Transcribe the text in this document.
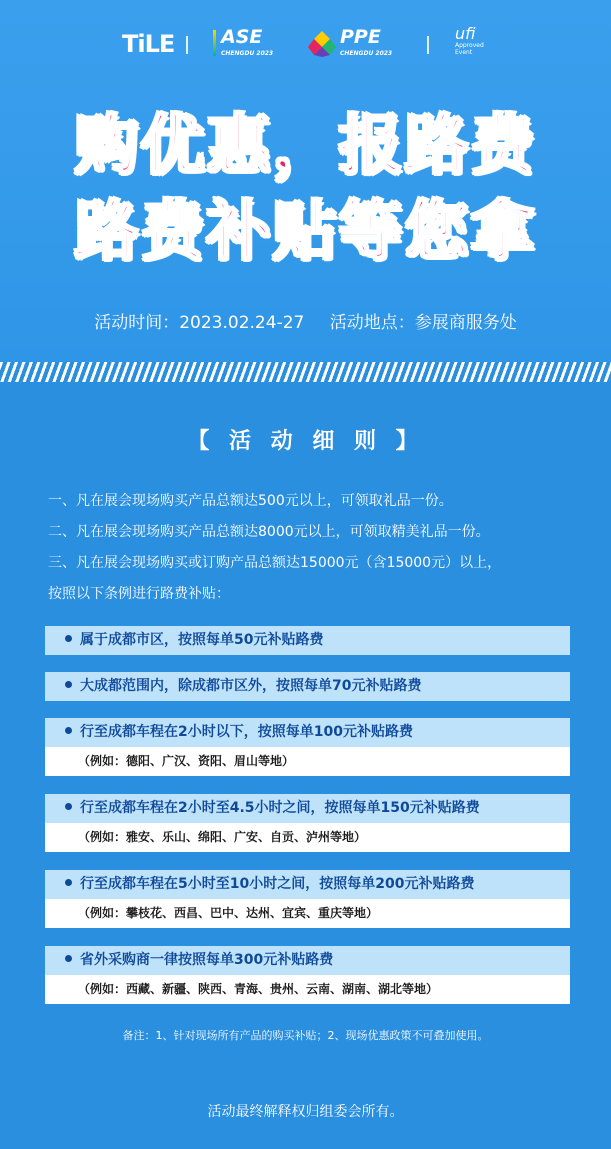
TiLE ASE
CHENGDU 2023
PPE
CHENGDU 2023
ufi
Approved
Event
购优惠，报路费
路费补贴等您拿
活动时间：2023.02.24-27 活动地点：参展商服务处
【 活 动 细 则 】
一、凡在展会现场购买产品总额达500元以上，可领取礼品一份。
二、凡在展会现场购买产品总额达8000元以上，可领取精美礼品一份。
三、凡在展会现场购买或订购产品总额达15000元（含15000元）以上，
按照以下条例进行路费补贴：
属于成都市区，按照每单50元补贴路费
大成都范围内，除成都市区外，按照每单70元补贴路费
行至成都车程在2小时以下，按照每单100元补贴路费
（例如：德阳、广汉、资阳、眉山等地）
行至成都车程在2小时至4.5小时之间，按照每单150元补贴路费
（例如：雅安、乐山、绵阳、广安、自贡、泸州等地）
行至成都车程在5小时至10小时之间，按照每单200元补贴路费
（例如：攀枝花、西昌、巴中、达州、宜宾、重庆等地）
省外采购商一律按照每单300元补贴路费
（例如：西藏、新疆、陕西、青海、贵州、云南、湖南、湖北等地）
备注：1、针对现场所有产品的购买补贴；2、现场优惠政策不可叠加使用。
活动最终解释权归组委会所有。
